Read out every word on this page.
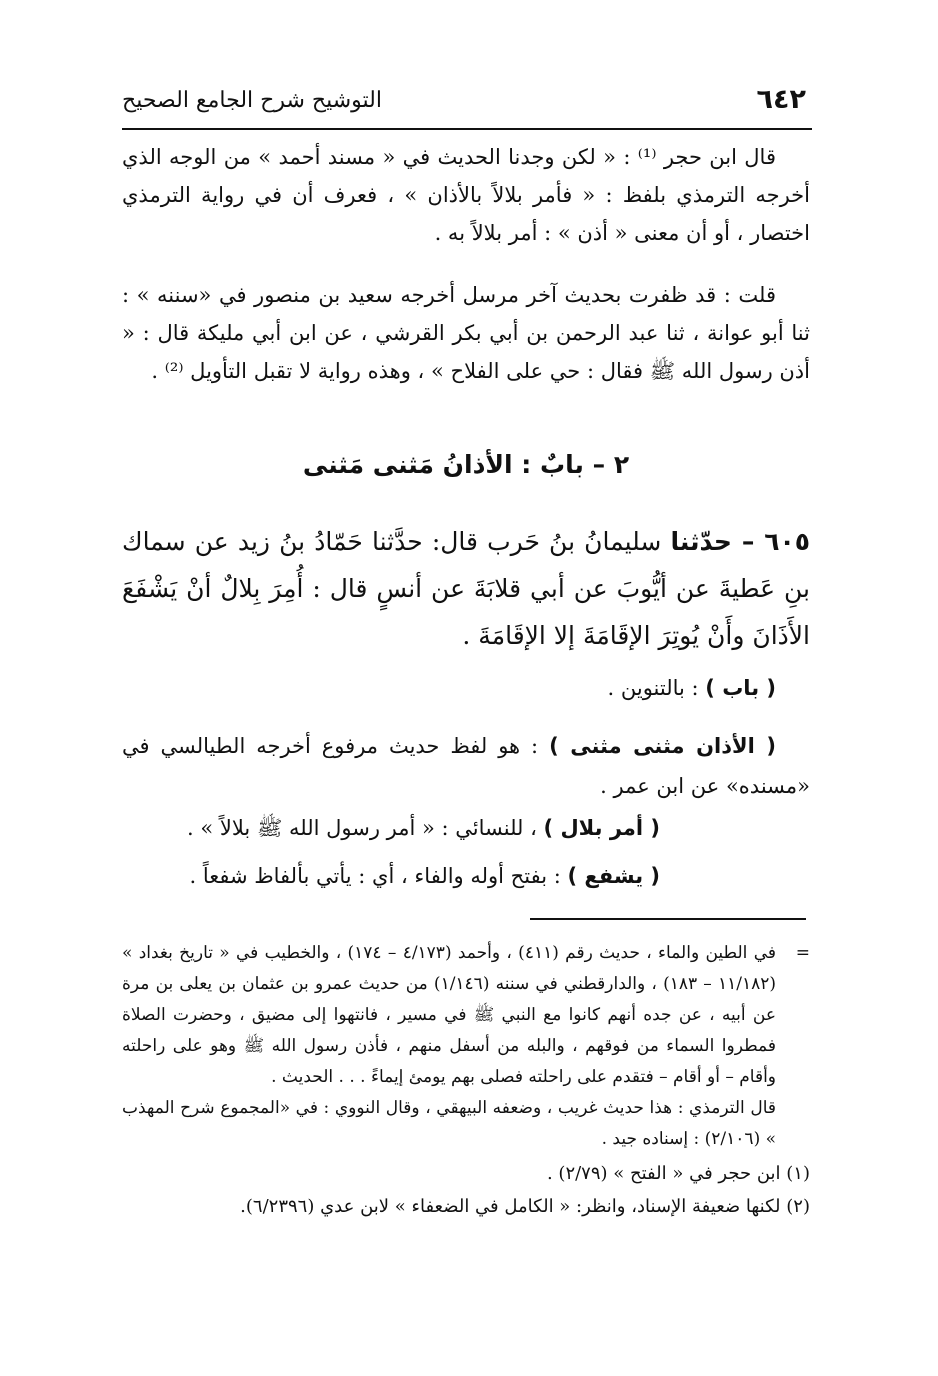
٦٤٢
التوشيح شرح الجامع الصحيح

قال ابن حجر ⁽¹⁾ : « لكن وجدنا الحديث في « مسند أحمد » من الوجه الذي أخرجه الترمذي بلفظ : « فأمر بلالاً بالأذان » ، فعرف أن في رواية الترمذي اختصار ، أو أن معنى « أذن » : أمر بلالاً به .

قلت : قد ظفرت بحديث آخر مرسل أخرجه سعيد بن منصور في «سننه » : ثنا أبو عوانة ، ثنا عبد الرحمن بن أبي بكر القرشي ، عن ابن أبي مليكة قال : « أذن رسول الله ﷺ فقال : حي على الفلاح » ، وهذه رواية لا تقبل التأويل ⁽²⁾ .

٢ – بابٌ : الأذانُ مَثنى مَثنى
٦٠٥ – حدّثنا سليمانُ بنُ حَرب قال: حدَّثنا حَمّادُ بنُ زيد عن سماك بنِ عَطيةَ عن أيُّوبَ عن أبي قلابَةَ عن أنسٍ قال : أُمِرَ بِلالٌ أنْ يَشْفَعَ الأَذَانَ وأَنْ يُوتِرَ الإقَامَةَ إلا الإقَامَةَ .
( باب ) : بالتنوين .
( الأذان مثنى مثنى ) : هو لفظ حديث مرفوع أخرجه الطيالسي في «مسنده» عن ابن عمر .
( أمر بلال ) ، للنسائي : « أمر رسول الله ﷺ بلالاً » .
( يشفع ) : بفتح أوله والفاء ، أي : يأتي بألفاظ شفعاً .

= في الطين والماء ، حديث رقم (٤١١) ، وأحمد (٤/١٧٣ – ١٧٤) ، والخطيب في « تاريخ بغداد » (١١/١٨٢ – ١٨٣) ، والدارقطني في سننه (١/١٤٦) من حديث عمرو بن عثمان بن يعلى بن مرة عن أبيه ، عن جده أنهم كانوا مع النبي ﷺ في مسير ، فانتهوا إلى مضيق ، وحضرت الصلاة فمطروا السماء من فوقهم ، والبله من أسفل منهم ، فأذن رسول الله ﷺ وهو على راحلته وأقام – أو أقام – فتقدم على راحلته فصلى بهم يومئ إيماءً . . . الحديث .

قال الترمذي : هذا حديث غريب ، وضعفه البيهقي ، وقال النووي : في «المجموع شرح المهذب » (٢/١٠٦) : إسناده جيد .

(١) ابن حجر في « الفتح » (٢/٧٩) .

(٢) لكنها ضعيفة الإسناد، وانظر: « الكامل في الضعفاء » لابن عدي (٦/٢٣٩٦).
